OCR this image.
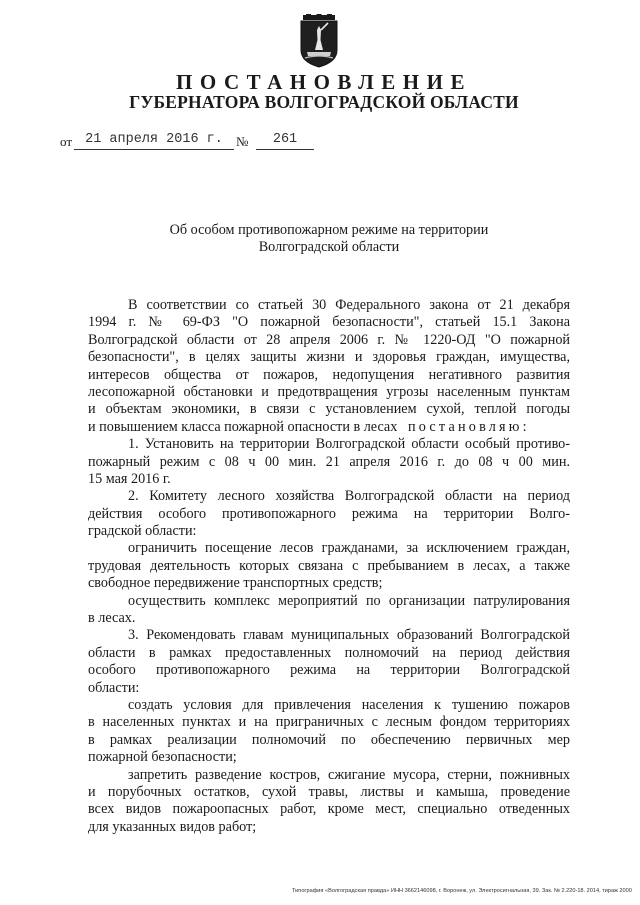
ПОСТАНОВЛЕНИЕ
ГУБЕРНАТОРА ВОЛГОГРАДСКОЙ ОБЛАСТИ
от 21 апреля 2016 г.	№	261
Об особом противопожарном режиме на территории
Волгоградской области
В соответствии со статьей 30 Федерального закона от 21 декабря
1994 г. № 69-ФЗ "О пожарной безопасности", статьей 15.1 Закона
Волгоградской области от 28 апреля 2006 г. № 1220-ОД "О пожарной
безопасности", в целях защиты жизни и здоровья граждан, имущества,
интересов общества от пожаров, недопущения негативного развития
лесопожарной обстановки и предотвращения угрозы населенным пунктам
и объектам экономики, в связи с установлением сухой, теплой погоды
и повышением класса пожарной опасности в лесах постановляю:
1. Установить на территории Волгоградской области особый противо-
пожарный режим с 08 ч 00 мин. 21 апреля 2016 г. до 08 ч 00 мин.
15 мая 2016 г.
2. Комитету лесного хозяйства Волгоградской области на период
действия особого противопожарного режима на территории Волго-
градской области:
ограничить посещение лесов гражданами, за исключением граждан,
трудовая деятельность которых связана с пребыванием в лесах, а также
свободное передвижение транспортных средств;
осуществить комплекс мероприятий по организации патрулирования
в лесах.
3. Рекомендовать главам муниципальных образований Волгоградской
области в рамках предоставленных полномочий на период действия
особого противопожарного режима на территории Волгоградской
области:
создать условия для привлечения населения к тушению пожаров
в населенных пунктах и на приграничных с лесным фондом территориях
в рамках реализации полномочий по обеспечению первичных мер
пожарной безопасности;
запретить разведение костров, сжигание мусора, стерни, пожнивных
и порубочных остатков, сухой травы, листвы и камыша, проведение
всех видов пожароопасных работ, кроме мест, специально отведенных
для указанных видов работ;
Типография «Волгоградская правда» ИНН 3662146098, г. Воронеж, ул. Электросигнальная, 39. Зак. № 2.220-18. 2014, тираж 2000
